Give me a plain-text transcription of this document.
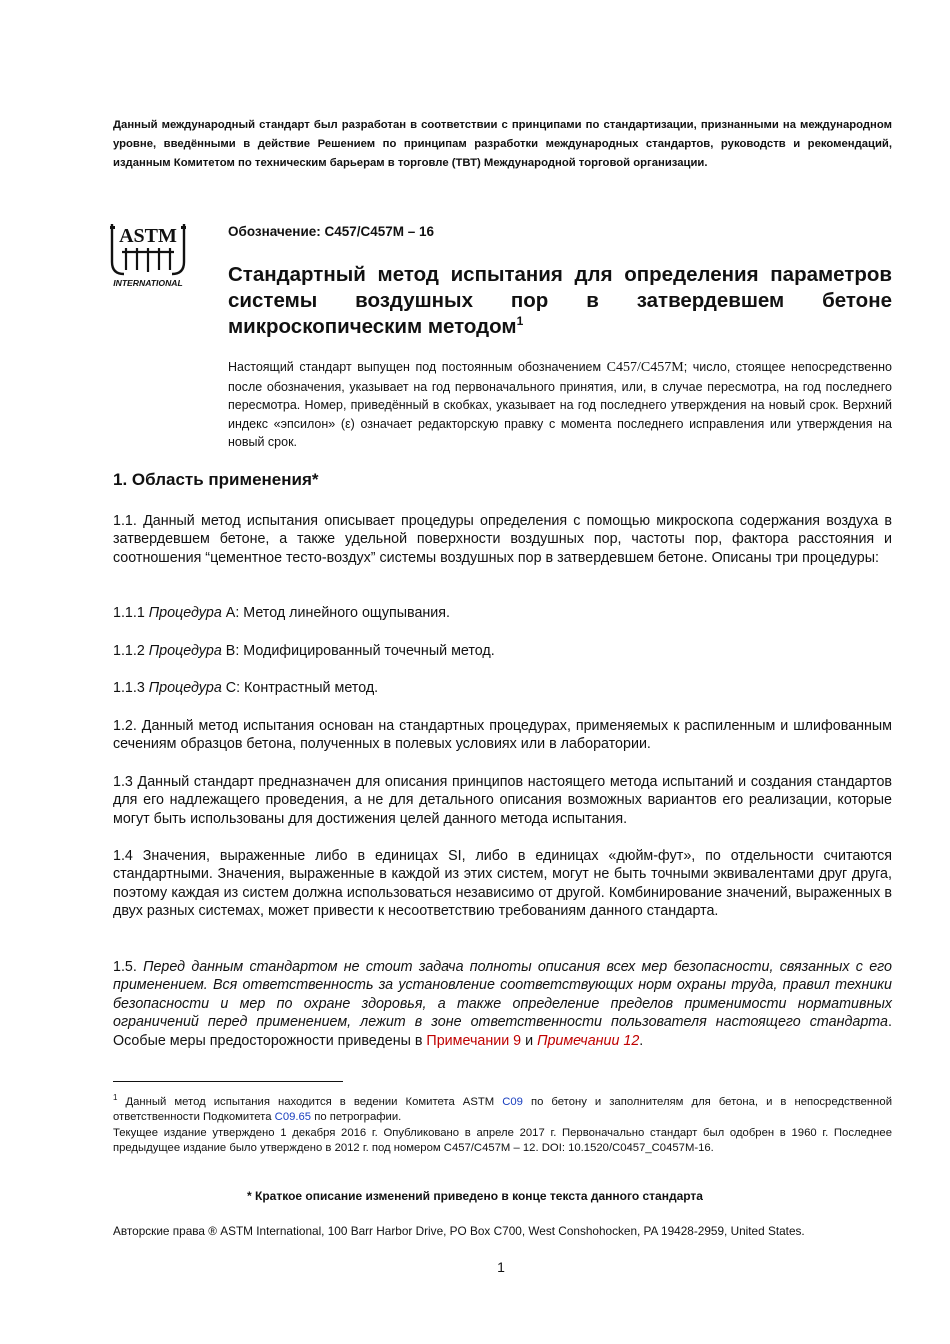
Данный международный стандарт был разработан в соответствии с принципами по стандартизации, признанными на международном уровне, введёнными в действие Решением по принципам разработки международных стандартов, руководств и рекомендаций, изданным Комитетом по техническим барьерам в торговле (ТВТ) Международной торговой организации.
ASTM
INTERNATIONAL
Обозначение: C457/C457M – 16
Стандартный метод испытания для определения параметров системы воздушных пор в затвердевшем бетоне микроскопическим методом$^1$
Настоящий стандарт выпущен под постоянным обозначением C457/C457M; число, стоящее непосредственно после обозначения, указывает на год первоначального принятия, или, в случае пересмотра, на год последнего пересмотра. Номер, приведённый в скобках, указывает на год последнего утверждения на новый срок. Верхний индекс «эпсилон» (ε) означает редакторскую правку с момента последнего исправления или утверждения на новый срок.
1. Область применения*
1.1. Данный метод испытания описывает процедуры определения с помощью микроскопа содержания воздуха в затвердевшем бетоне, а также удельной поверхности воздушных пор, частоты пор, фактора расстояния и соотношения “цементное тесто-воздух” системы воздушных пор в затвердевшем бетоне. Описаны три процедуры:
1.1.1 Процедура A: Метод линейного ощупывания.
1.1.2 Процедура B: Модифицированный точечный метод.
1.1.3 Процедура C: Контрастный метод.
1.2. Данный метод испытания основан на стандартных процедурах, применяемых к распиленным и шлифованным сечениям образцов бетона, полученных в полевых условиях или в лаборатории.
1.3 Данный стандарт предназначен для описания принципов настоящего метода испытаний и создания стандартов для его надлежащего проведения, а не для детального описания возможных вариантов его реализации, которые могут быть использованы для достижения целей данного метода испытания.
1.4 Значения, выраженные либо в единицах SI, либо в единицах «дюйм-фут», по отдельности считаются стандартными. Значения, выраженные в каждой из этих систем, могут не быть точными эквивалентами друг друга, поэтому каждая из систем должна использоваться независимо от другой. Комбинирование значений, выраженных в двух разных системах, может привести к несоответствию требованиям данного стандарта.
1.5. Перед данным стандартом не стоит задача полноты описания всех мер безопасности, связанных с его применением. Вся ответственность за установление соответствующих норм охраны труда, правил техники безопасности и мер по охране здоровья, а также определение пределов применимости нормативных ограничений перед применением, лежит в зоне ответственности пользователя настоящего стандарта. Особые меры предосторожности приведены в Примечании 9 и Примечании 12.
$^1$ Данный метод испытания находится в ведении Комитета ASTM C09 по бетону и заполнителям для бетона, и в непосредственной ответственности Подкомитета C09.65 по петрографии.
Текущее издание утверждено 1 декабря 2016 г. Опубликовано в апреле 2017 г. Первоначально стандарт был одобрен в 1960 г. Последнее предыдущее издание было утверждено в 2012 г. под номером C457/C457M – 12. DOI: 10.1520/C0457_C0457M-16.
* Краткое описание изменений приведено в конце текста данного стандарта
Авторские права ® ASTM International, 100 Barr Harbor Drive, PO Box C700, West Conshohocken, PA 19428-2959, United States.
1
